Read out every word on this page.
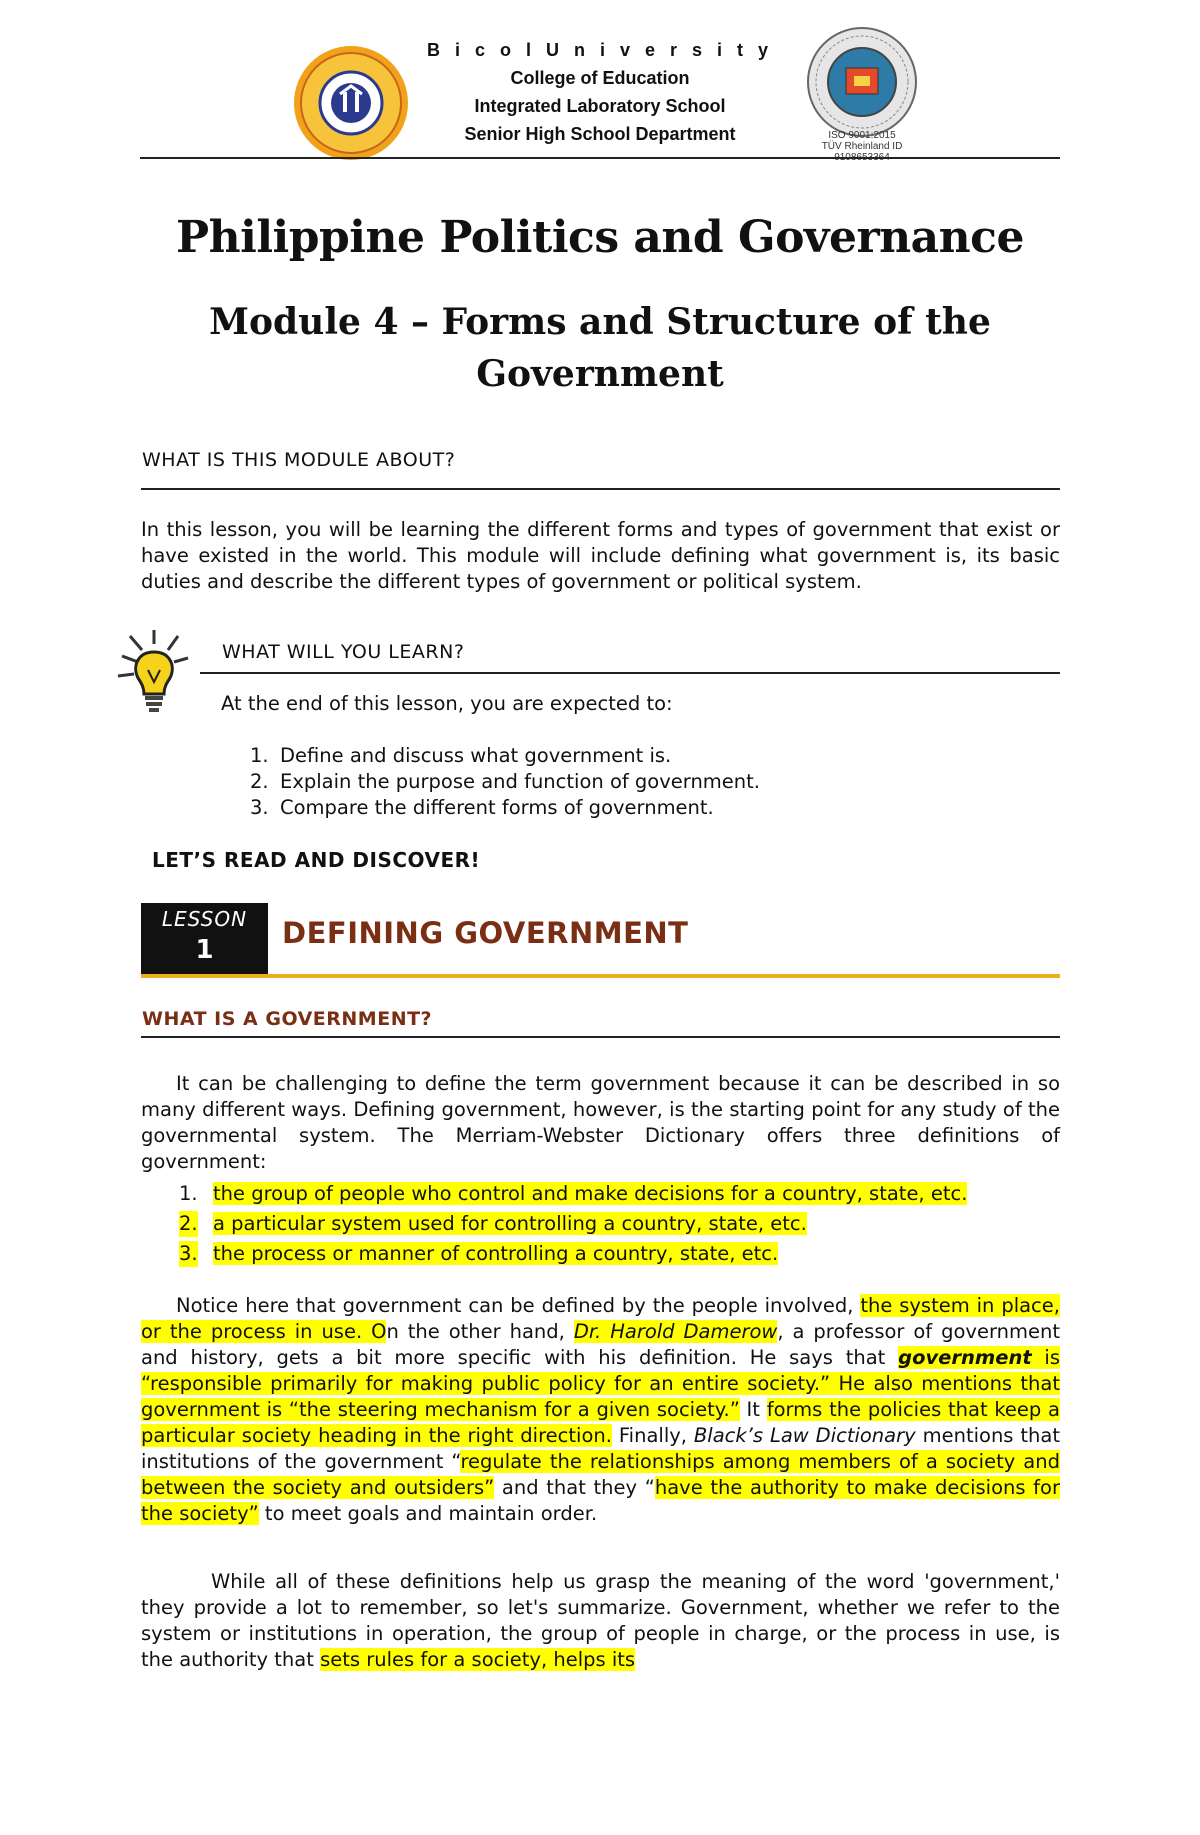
B i c o l U n i v e r s i t y
College of Education
Integrated Laboratory School
Senior High School Department	ISO 9001:2015
TÜV Rheinland ID 9108653364
Philippine Politics and Governance
Module 4 – Forms and Structure of the
Government
WHAT IS THIS MODULE ABOUT?
In this lesson, you will be learning the different forms and types of government that exist or have existed in the world. This module will include defining what government is, its basic duties and describe the different types of government or political system.
WHAT WILL YOU LEARN?
At the end of this lesson, you are expected to:
1. Define and discuss what government is.
2. Explain the purpose and function of government.
3. Compare the different forms of government.
LET’S READ AND DISCOVER!
LESSON
1	DEFINING GOVERNMENT
WHAT IS A GOVERNMENT?
It can be challenging to define the term government because it can be described in so many different ways. Defining government, however, is the starting point for any study of the governmental system. The Merriam-Webster Dictionary offers three definitions of government:
1. the group of people who control and make decisions for a country, state, etc.
2. a particular system used for controlling a country, state, etc.
3. the process or manner of controlling a country, state, etc.
Notice here that government can be defined by the people involved, the system in place, or the process in use. On the other hand, Dr. Harold Damerow, a professor of government and history, gets a bit more specific with his definition. He says that government is “responsible primarily for making public policy for an entire society.” He also mentions that government is “the steering mechanism for a given society.” It forms the policies that keep a particular society heading in the right direction. Finally, Black’s Law Dictionary mentions that institutions of the government “regulate the relationships among members of a society and between the society and outsiders” and that they “have the authority to make decisions for the society” to meet goals and maintain order.
While all of these definitions help us grasp the meaning of the word 'government,' they provide a lot to remember, so let's summarize. Government, whether we refer to the system or institutions in operation, the group of people in charge, or the process in use, is the authority that sets rules for a society, helps its
